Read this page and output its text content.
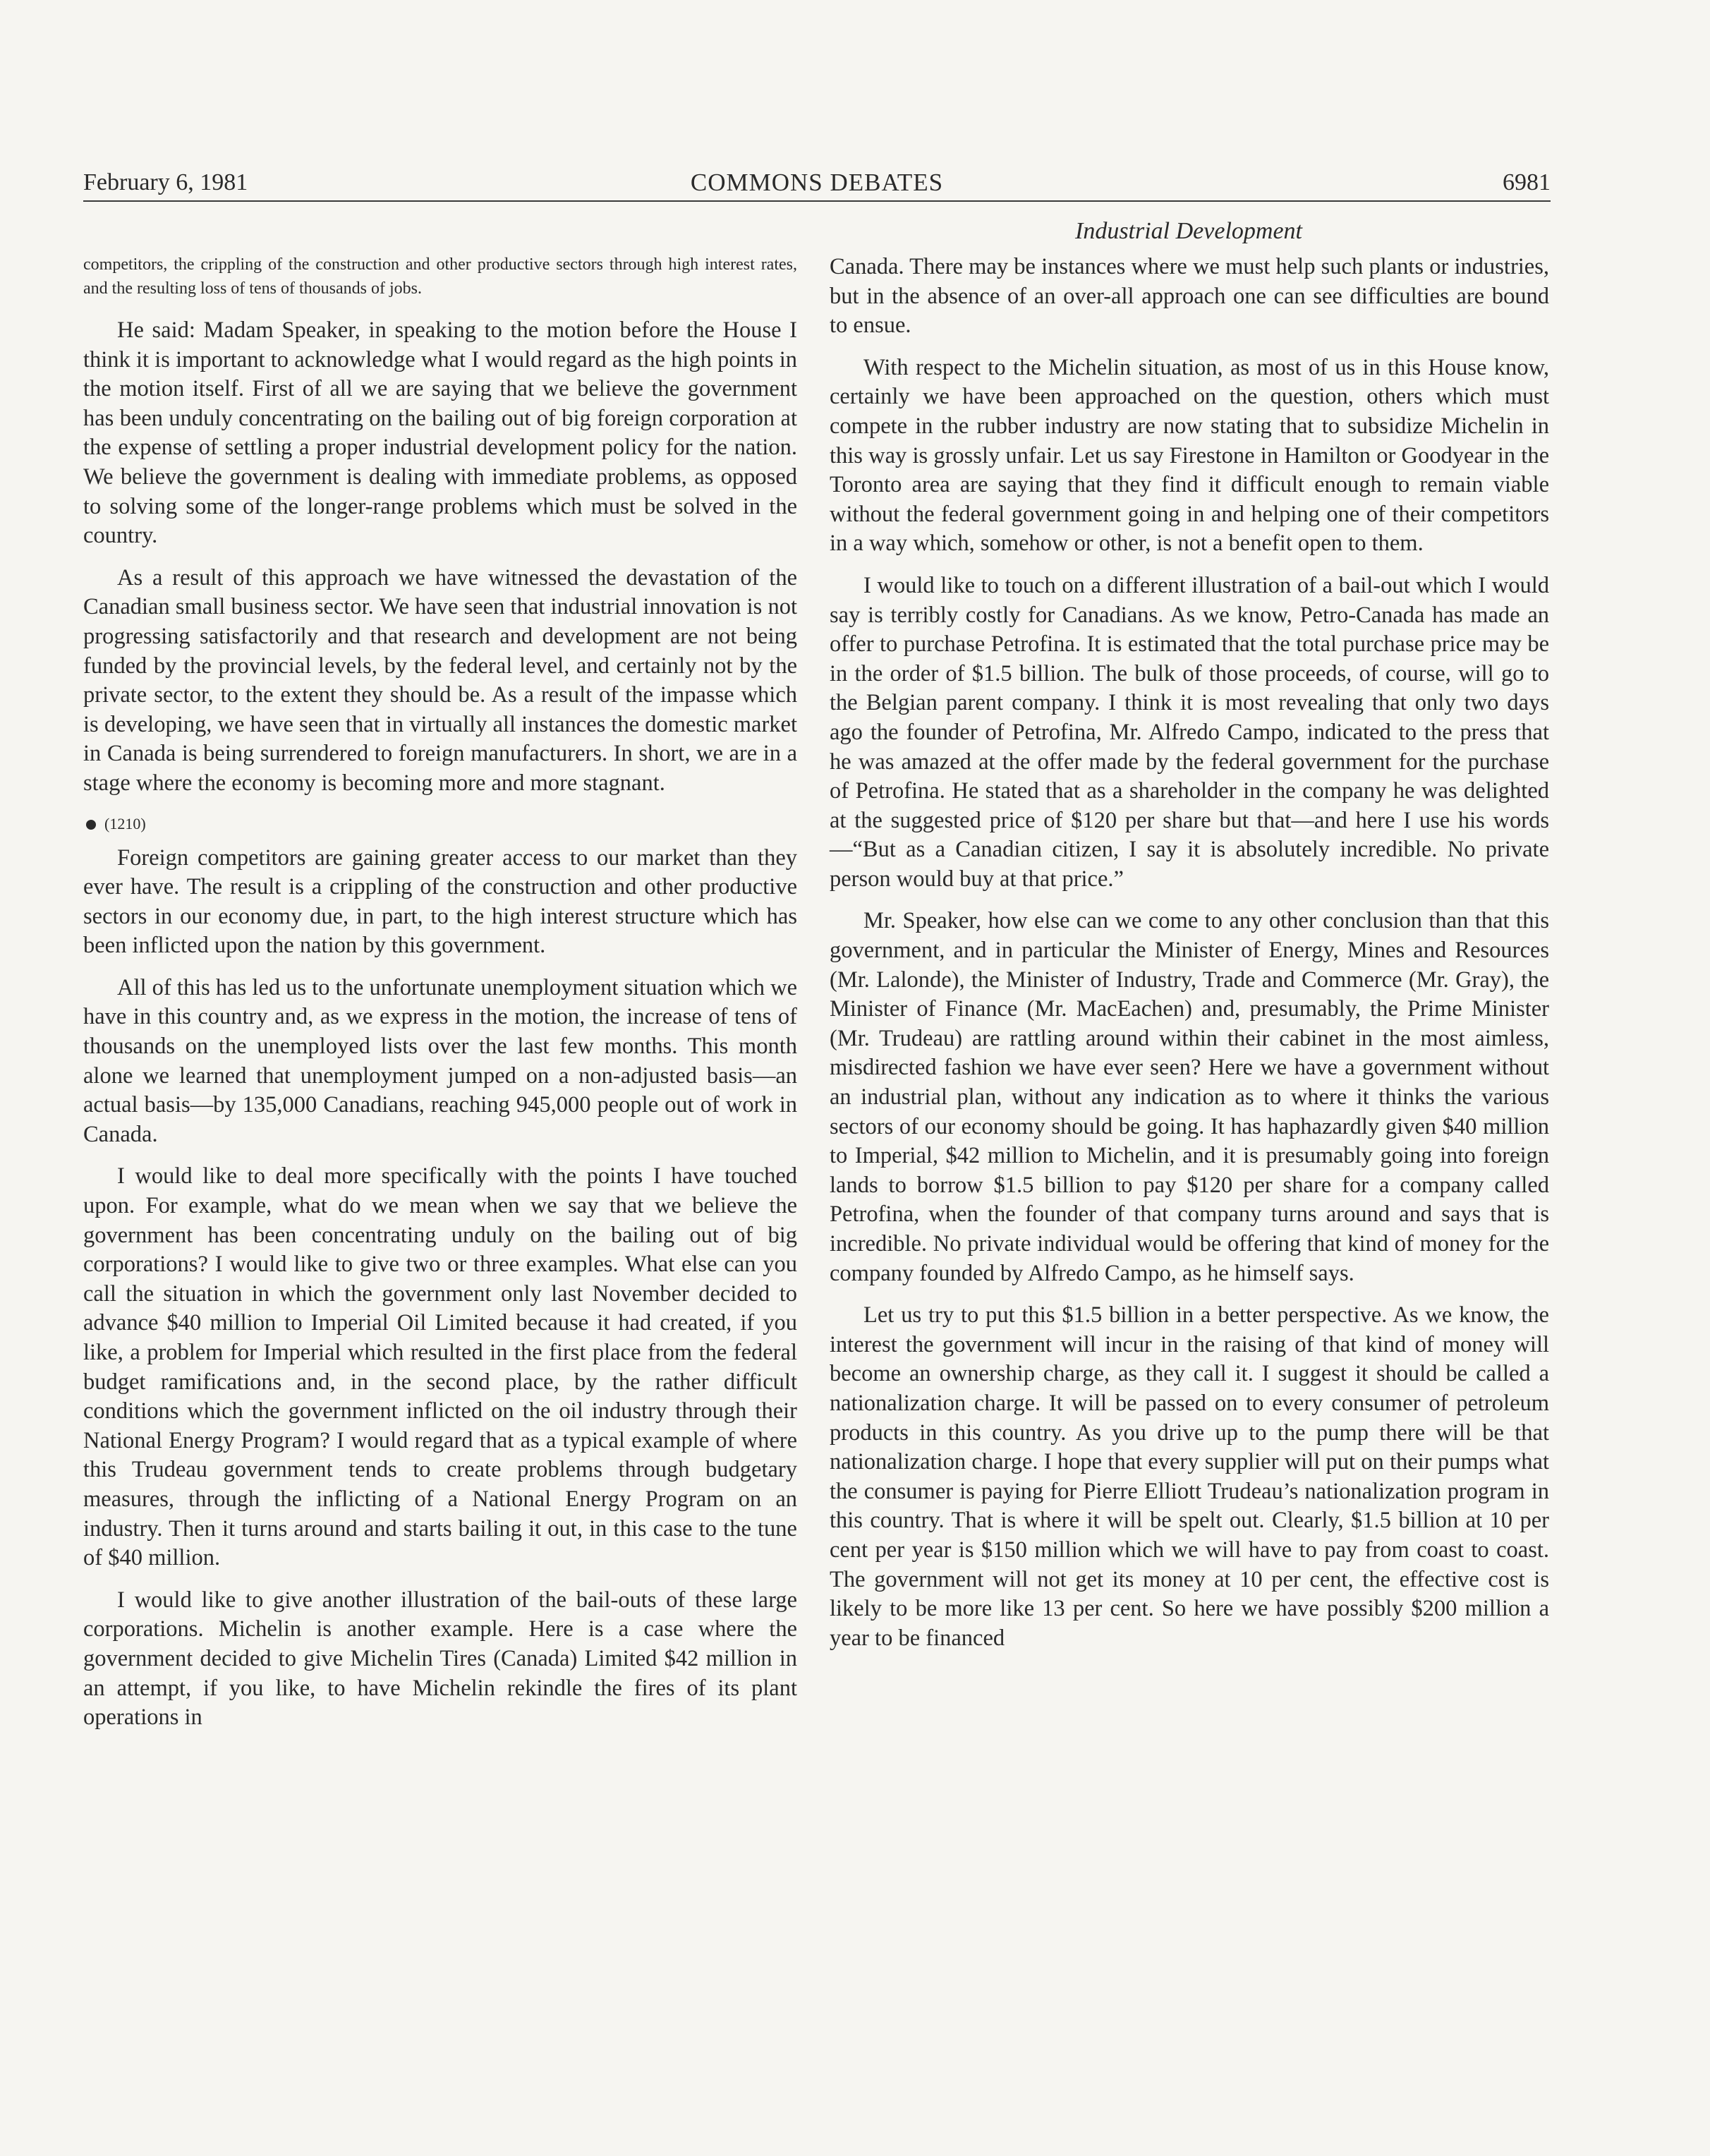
February 6, 1981	COMMONS DEBATES	6981
Industrial Development

competitors, the crippling of the construction and other productive sectors through high interest rates, and the resulting loss of tens of thousands of jobs.

He said: Madam Speaker, in speaking to the motion before the House I think it is important to acknowledge what I would regard as the high points in the motion itself. First of all we are saying that we believe the government has been unduly concentrating on the bailing out of big foreign corporation at the expense of settling a proper industrial development policy for the nation. We believe the government is dealing with immediate problems, as opposed to solving some of the longer-range problems which must be solved in the country.

As a result of this approach we have witnessed the devastation of the Canadian small business sector. We have seen that industrial innovation is not progressing satisfactorily and that research and development are not being funded by the provincial levels, by the federal level, and certainly not by the private sector, to the extent they should be. As a result of the impasse which is developing, we have seen that in virtually all instances the domestic market in Canada is being surrendered to foreign manufacturers. In short, we are in a stage where the economy is becoming more and more stagnant.

(1210)

Foreign competitors are gaining greater access to our market than they ever have. The result is a crippling of the construction and other productive sectors in our economy due, in part, to the high interest structure which has been inflicted upon the nation by this government.

All of this has led us to the unfortunate unemployment situation which we have in this country and, as we express in the motion, the increase of tens of thousands on the unemployed lists over the last few months. This month alone we learned that unemployment jumped on a non-adjusted basis—an actual basis—by 135,000 Canadians, reaching 945,000 people out of work in Canada.

I would like to deal more specifically with the points I have touched upon. For example, what do we mean when we say that we believe the government has been concentrating unduly on the bailing out of big corporations? I would like to give two or three examples. What else can you call the situation in which the government only last November decided to advance $40 million to Imperial Oil Limited because it had created, if you like, a problem for Imperial which resulted in the first place from the federal budget ramifications and, in the second place, by the rather difficult conditions which the government inflicted on the oil industry through their National Energy Program? I would regard that as a typical example of where this Trudeau government tends to create problems through budgetary measures, through the inflicting of a National Energy Program on an industry. Then it turns around and starts bailing it out, in this case to the tune of $40 million.

I would like to give another illustration of the bail-outs of these large corporations. Michelin is another example. Here is a case where the government decided to give Michelin Tires (Canada) Limited $42 million in an attempt, if you like, to have Michelin rekindle the fires of its plant operations in

Canada. There may be instances where we must help such plants or industries, but in the absence of an over-all approach one can see difficulties are bound to ensue.

With respect to the Michelin situation, as most of us in this House know, certainly we have been approached on the question, others which must compete in the rubber industry are now stating that to subsidize Michelin in this way is grossly unfair. Let us say Firestone in Hamilton or Goodyear in the Toronto area are saying that they find it difficult enough to remain viable without the federal government going in and helping one of their competitors in a way which, somehow or other, is not a benefit open to them.

I would like to touch on a different illustration of a bail-out which I would say is terribly costly for Canadians. As we know, Petro-Canada has made an offer to purchase Petrofina. It is estimated that the total purchase price may be in the order of $1.5 billion. The bulk of those proceeds, of course, will go to the Belgian parent company. I think it is most revealing that only two days ago the founder of Petrofina, Mr. Alfredo Campo, indicated to the press that he was amazed at the offer made by the federal government for the purchase of Petrofina. He stated that as a shareholder in the company he was delighted at the suggested price of $120 per share but that—and here I use his words—“But as a Canadian citizen, I say it is absolutely incredible. No private person would buy at that price.”

Mr. Speaker, how else can we come to any other conclusion than that this government, and in particular the Minister of Energy, Mines and Resources (Mr. Lalonde), the Minister of Industry, Trade and Commerce (Mr. Gray), the Minister of Finance (Mr. MacEachen) and, presumably, the Prime Minister (Mr. Trudeau) are rattling around within their cabinet in the most aimless, misdirected fashion we have ever seen? Here we have a government without an industrial plan, without any indication as to where it thinks the various sectors of our economy should be going. It has haphazardly given $40 million to Imperial, $42 million to Michelin, and it is presumably going into foreign lands to borrow $1.5 billion to pay $120 per share for a company called Petrofina, when the founder of that company turns around and says that is incredible. No private individual would be offering that kind of money for the company founded by Alfredo Campo, as he himself says.

Let us try to put this $1.5 billion in a better perspective. As we know, the interest the government will incur in the raising of that kind of money will become an ownership charge, as they call it. I suggest it should be called a nationalization charge. It will be passed on to every consumer of petroleum products in this country. As you drive up to the pump there will be that nationalization charge. I hope that every supplier will put on their pumps what the consumer is paying for Pierre Elliott Trudeau’s nationalization program in this country. That is where it will be spelt out. Clearly, $1.5 billion at 10 per cent per year is $150 million which we will have to pay from coast to coast. The government will not get its money at 10 per cent, the effective cost is likely to be more like 13 per cent. So here we have possibly $200 million a year to be financed
